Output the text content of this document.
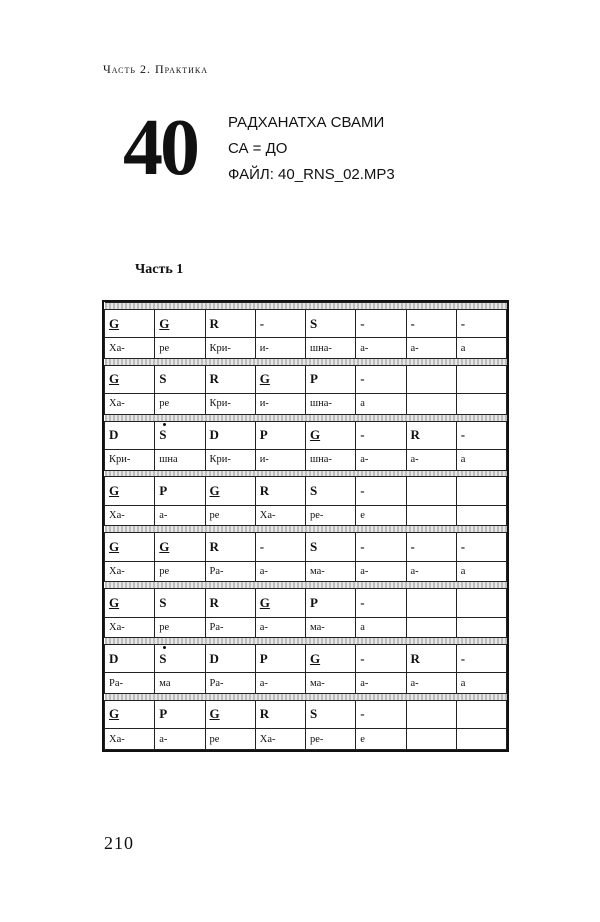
Часть 2. Практика
40 РАДХАНАТХА СВАМИ
СА = ДО
ФАЙЛ: 40_RNS_02.MP3
Часть 1

G	G	R	-	S	-	-	-
Ха-	ре	Кри-	и-	шна-	а-	а-	а

G	S	R	G	P	-		
Ха-	ре	Кри-	и-	шна-	а		

D	S	D	P	G	-	R	-
Кри-	шна	Кри-	и-	шна-	а-	а-	а

G	P	G	R	S	-		
Ха-	а-	ре	Ха-	ре-	е		

G	G	R	-	S	-	-	-
Ха-	ре	Ра-	а-	ма-	а-	а-	а

G	S	R	G	P	-		
Ха-	ре	Ра-	а-	ма-	а		

D	S	D	P	G	-	R	-
Ра-	ма	Ра-	а-	ма-	а-	а-	а

G	P	G	R	S	-		
Ха-	а-	ре	Ха-	ре-	е		
210
